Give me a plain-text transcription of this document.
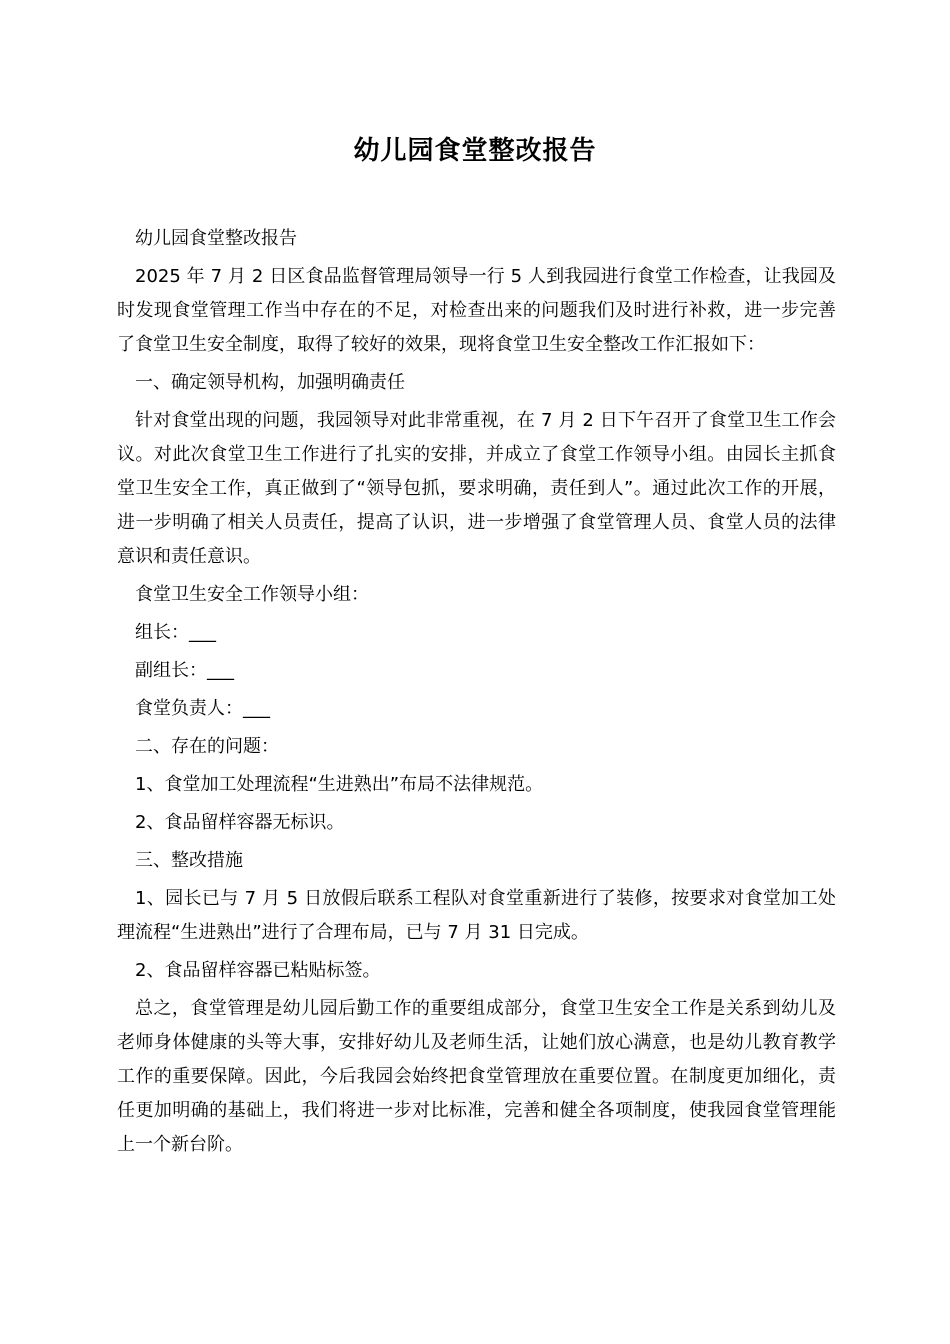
幼儿园食堂整改报告

幼儿园食堂整改报告

2025 年 7 月 2 日区食品监督管理局领导一行 5 人到我园进行食堂工作检查，让我园及时发现食堂管理工作当中存在的不足，对检查出来的问题我们及时进行补救，进一步完善了食堂卫生安全制度，取得了较好的效果，现将食堂卫生安全整改工作汇报如下：

一、确定领导机构，加强明确责任

针对食堂出现的问题，我园领导对此非常重视，在 7 月 2 日下午召开了食堂卫生工作会议。对此次食堂卫生工作进行了扎实的安排，并成立了食堂工作领导小组。由园长主抓食堂卫生安全工作，真正做到了“领导包抓，要求明确，责任到人”。通过此次工作的开展，进一步明确了相关人员责任，提高了认识，进一步增强了食堂管理人员、食堂人员的法律意识和责任意识。

食堂卫生安全工作领导小组：

组长：___

副组长：___

食堂负责人：___

二、存在的问题：

1、食堂加工处理流程“生进熟出”布局不法律规范。

2、食品留样容器无标识。

三、整改措施

1、园长已与 7 月 5 日放假后联系工程队对食堂重新进行了装修，按要求对食堂加工处理流程“生进熟出”进行了合理布局，已与 7 月 31 日完成。

2、食品留样容器已粘贴标签。

总之，食堂管理是幼儿园后勤工作的重要组成部分，食堂卫生安全工作是关系到幼儿及老师身体健康的头等大事，安排好幼儿及老师生活，让她们放心满意，也是幼儿教育教学工作的重要保障。因此，今后我园会始终把食堂管理放在重要位置。在制度更加细化，责任更加明确的基础上，我们将进一步对比标准，完善和健全各项制度，使我园食堂管理能上一个新台阶。
